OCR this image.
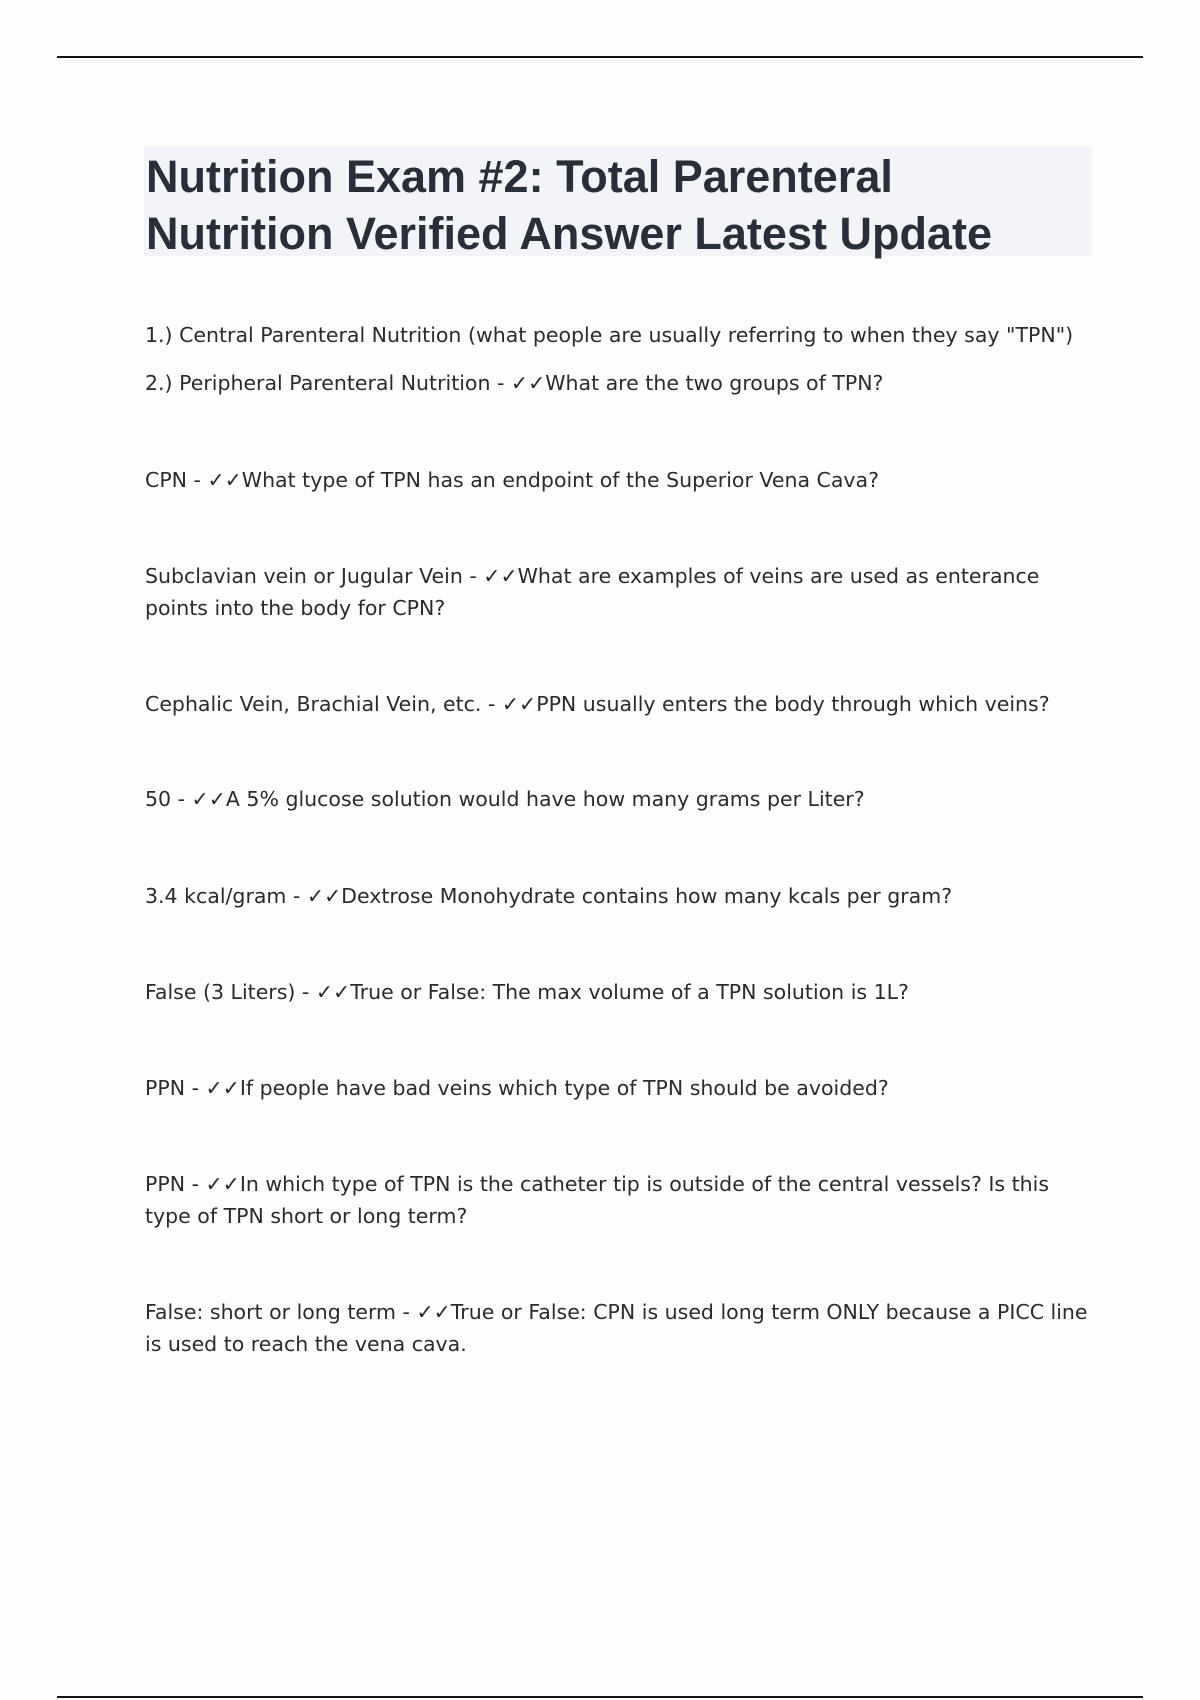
Nutrition Exam #2: Total Parenteral Nutrition Verified Answer Latest Update

1.) Central Parenteral Nutrition (what people are usually referring to when they say "TPN")

2.) Peripheral Parenteral Nutrition - ✓✓What are the two groups of TPN?

CPN - ✓✓What type of TPN has an endpoint of the Superior Vena Cava?

Subclavian vein or Jugular Vein - ✓✓What are examples of veins are used as enterance points into the body for CPN?

Cephalic Vein, Brachial Vein, etc. - ✓✓PPN usually enters the body through which veins?

50 - ✓✓A 5% glucose solution would have how many grams per Liter?

3.4 kcal/gram - ✓✓Dextrose Monohydrate contains how many kcals per gram?

False (3 Liters) - ✓✓True or False: The max volume of a TPN solution is 1L?

PPN - ✓✓If people have bad veins which type of TPN should be avoided?

PPN - ✓✓In which type of TPN is the catheter tip is outside of the central vessels? Is this type of TPN short or long term?

False: short or long term - ✓✓True or False: CPN is used long term ONLY because a PICC line is used to reach the vena cava.
